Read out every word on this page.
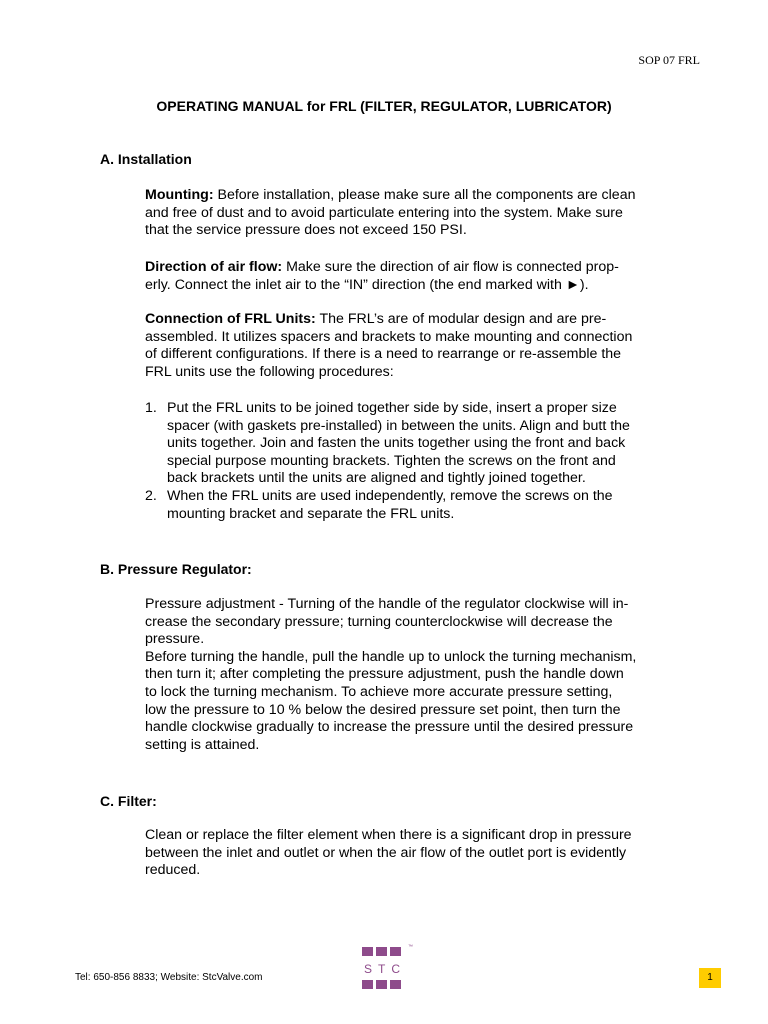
SOP 07 FRL
OPERATING MANUAL for FRL (FILTER, REGULATOR, LUBRICATOR)
A. Installation
Mounting: Before installation, please make sure all the components are clean
and free of dust and to avoid particulate entering into the system. Make sure
that the service pressure does not exceed 150 PSI.
Direction of air flow: Make sure the direction of air flow is connected prop-
erly. Connect the inlet air to the “IN” direction (the end marked with ►).
Connection of FRL Units: The FRL’s are of modular design and are pre-
assembled. It utilizes spacers and brackets to make mounting and connection
of different configurations. If there is a need to rearrange or re-assemble the
FRL units use the following procedures:
1. Put the FRL units to be joined together side by side, insert a proper size
spacer (with gaskets pre-installed) in between the units. Align and butt the
units together. Join and fasten the units together using the front and back
special purpose mounting brackets. Tighten the screws on the front and
back brackets until the units are aligned and tightly joined together.
2. When the FRL units are used independently, remove the screws on the
mounting bracket and separate the FRL units.
B. Pressure Regulator:
Pressure adjustment - Turning of the handle of the regulator clockwise will in-
crease the secondary pressure; turning counterclockwise will decrease the
pressure.
Before turning the handle, pull the handle up to unlock the turning mechanism,
then turn it; after completing the pressure adjustment, push the handle down
to lock the turning mechanism. To achieve more accurate pressure setting,
low the pressure to 10 % below the desired pressure set point, then turn the
handle clockwise gradually to increase the pressure until the desired pressure
setting is attained.
C. Filter:
Clean or replace the filter element when there is a significant drop in pressure
between the inlet and outlet or when the air flow of the outlet port is evidently
reduced.
Tel: 650-856 8833; Website: StcValve.com
™
STC
1
